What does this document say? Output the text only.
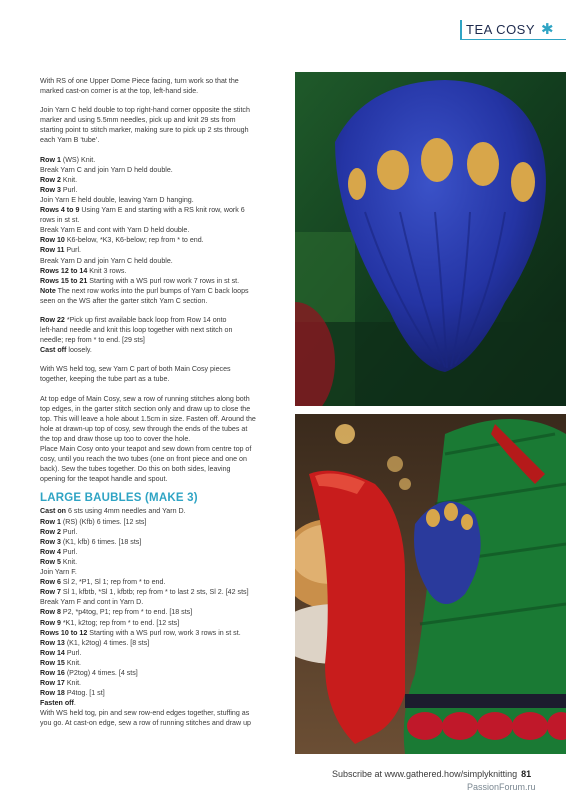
TEA COSY ✱

With RS of one Upper Dome Piece facing, turn work so that the
marked cast-on corner is at the top, left-hand side.

Join Yarn C held double to top right-hand corner opposite the stitch
marker and using 5.5mm needles, pick up and knit 29 sts from
starting point to stitch marker, making sure to pick up 2 sts through
each Yarn B ‘tube’.

Row 1 (WS) Knit.
Break Yarn C and join Yarn D held double.
Row 2 Knit.
Row 3 Purl.
Join Yarn E held double, leaving Yarn D hanging.
Rows 4 to 9 Using Yarn E and starting with a RS knit row, work 6
rows in st st.
Break Yarn E and cont with Yarn D held double.
Row 10 K6-below, *K3, K6-below; rep from * to end.
Row 11 Purl.
Break Yarn D and join Yarn C held double.
Rows 12 to 14 Knit 3 rows.
Rows 15 to 21 Starting with a WS purl row work 7 rows in st st.
Note The next row works into the purl bumps of Yarn C back loops
seen on the WS after the garter stitch Yarn C section.

Row 22 *Pick up first available back loop from Row 14 onto
left-hand needle and knit this loop together with next stitch on
needle; rep from * to end. [29 sts]
Cast off loosely.

With WS held tog, sew Yarn C part of both Main Cosy pieces
together, keeping the tube part as a tube.

At top edge of Main Cosy, sew a row of running stitches along both
top edges, in the garter stitch section only and draw up to close the
top. This will leave a hole about 1.5cm in size. Fasten off. Around the
hole at drawn-up top of cosy, sew through the ends of the tubes at
the top and draw those up too to cover the hole.
Place Main Cosy onto your teapot and sew down from centre top of
cosy, until you reach the two tubes (one on front piece and one on
back). Sew the tubes together. Do this on both sides, leaving
opening for the teapot handle and spout.

LARGE BAUBLES (MAKE 3)

Cast on 6 sts using 4mm needles and Yarn D.
Row 1 (RS) (Kfb) 6 times. [12 sts]
Row 2 Purl.
Row 3 (K1, kfb) 6 times. [18 sts]
Row 4 Purl.
Row 5 Knit.
Join Yarn F.
Row 6 Sl 2, *P1, Sl 1; rep from * to end.
Row 7 Sl 1, kfbtb, *Sl 1, kfbtb; rep from * to last 2 sts, Sl 2. [42 sts]
Break Yarn F and cont in Yarn D.
Row 8 P2, *p4tog, P1; rep from * to end. [18 sts]
Row 9 *K1, k2tog; rep from * to end. [12 sts]
Rows 10 to 12 Starting with a WS purl row, work 3 rows in st st.
Row 13 (K1, k2tog) 4 times. [8 sts]
Row 14 Purl.
Row 15 Knit.
Row 16 (P2tog) 4 times. [4 sts]
Row 17 Knit.
Row 18 P4tog. [1 st]
Fasten off.

With WS held tog, pin and sew row-end edges together, stuffing as
you go. At cast-on edge, sew a row of running stitches and draw up

Subscribe at www.gathered.how/simplyknitting 81
PassionForum.ru
